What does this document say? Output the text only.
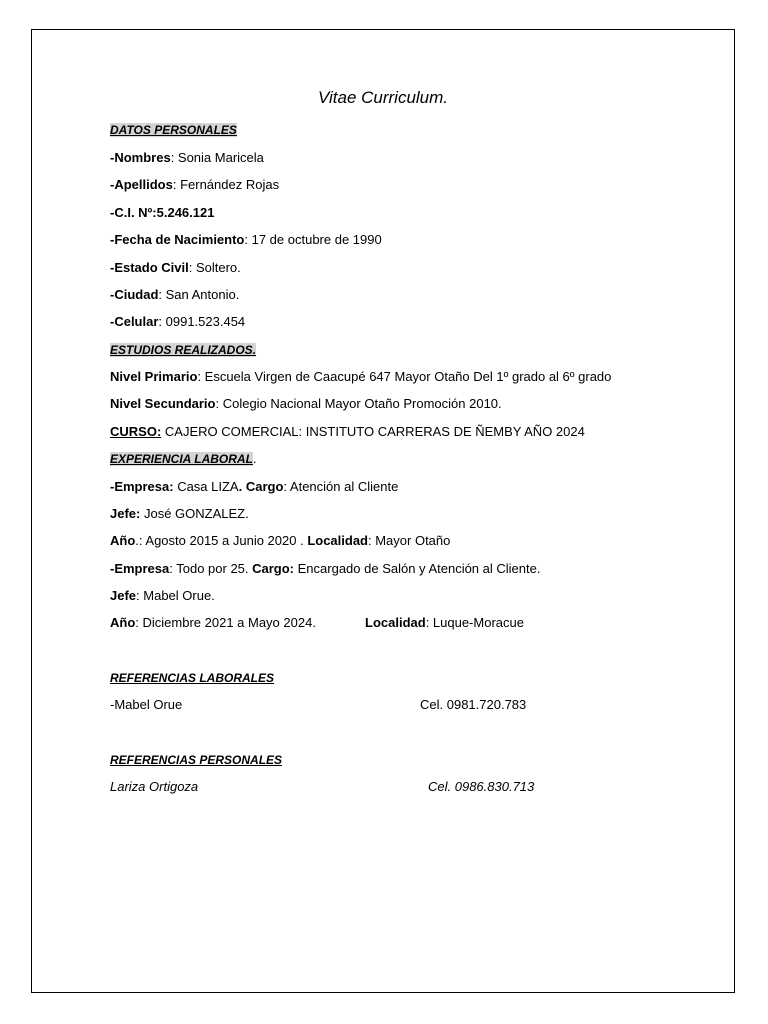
Vitae Curriculum.
DATOS PERSONALES
-Nombres: Sonia Maricela
-Apellidos: Fernández Rojas
-C.I. Nº:5.246.121
-Fecha de Nacimiento: 17 de octubre de 1990
-Estado Civil: Soltero.
-Ciudad: San Antonio.
-Celular: 0991.523.454
ESTUDIOS REALIZADOS.
Nivel Primario: Escuela Virgen de Caacupé 647 Mayor Otaño Del 1º grado al 6º grado
Nivel Secundario: Colegio Nacional Mayor Otaño Promoción 2010.
CURSO: CAJERO COMERCIAL: INSTITUTO CARRERAS DE ÑEMBY AÑO 2024
EXPERIENCIA LABORAL.
-Empresa: Casa LIZA. Cargo: Atención al Cliente
Jefe: José GONZALEZ.
Año.: Agosto 2015 a Junio 2020 . Localidad: Mayor Otaño
-Empresa: Todo por 25. Cargo: Encargado de Salón y Atención al Cliente.
Jefe: Mabel Orue.
Año: Diciembre 2021 a Mayo 2024.	Localidad: Luque-Moracue
REFERENCIAS LABORALES
-Mabel Orue	Cel. 0981.720.783
REFERENCIAS PERSONALES
Lariza Ortigoza	Cel. 0986.830.713
